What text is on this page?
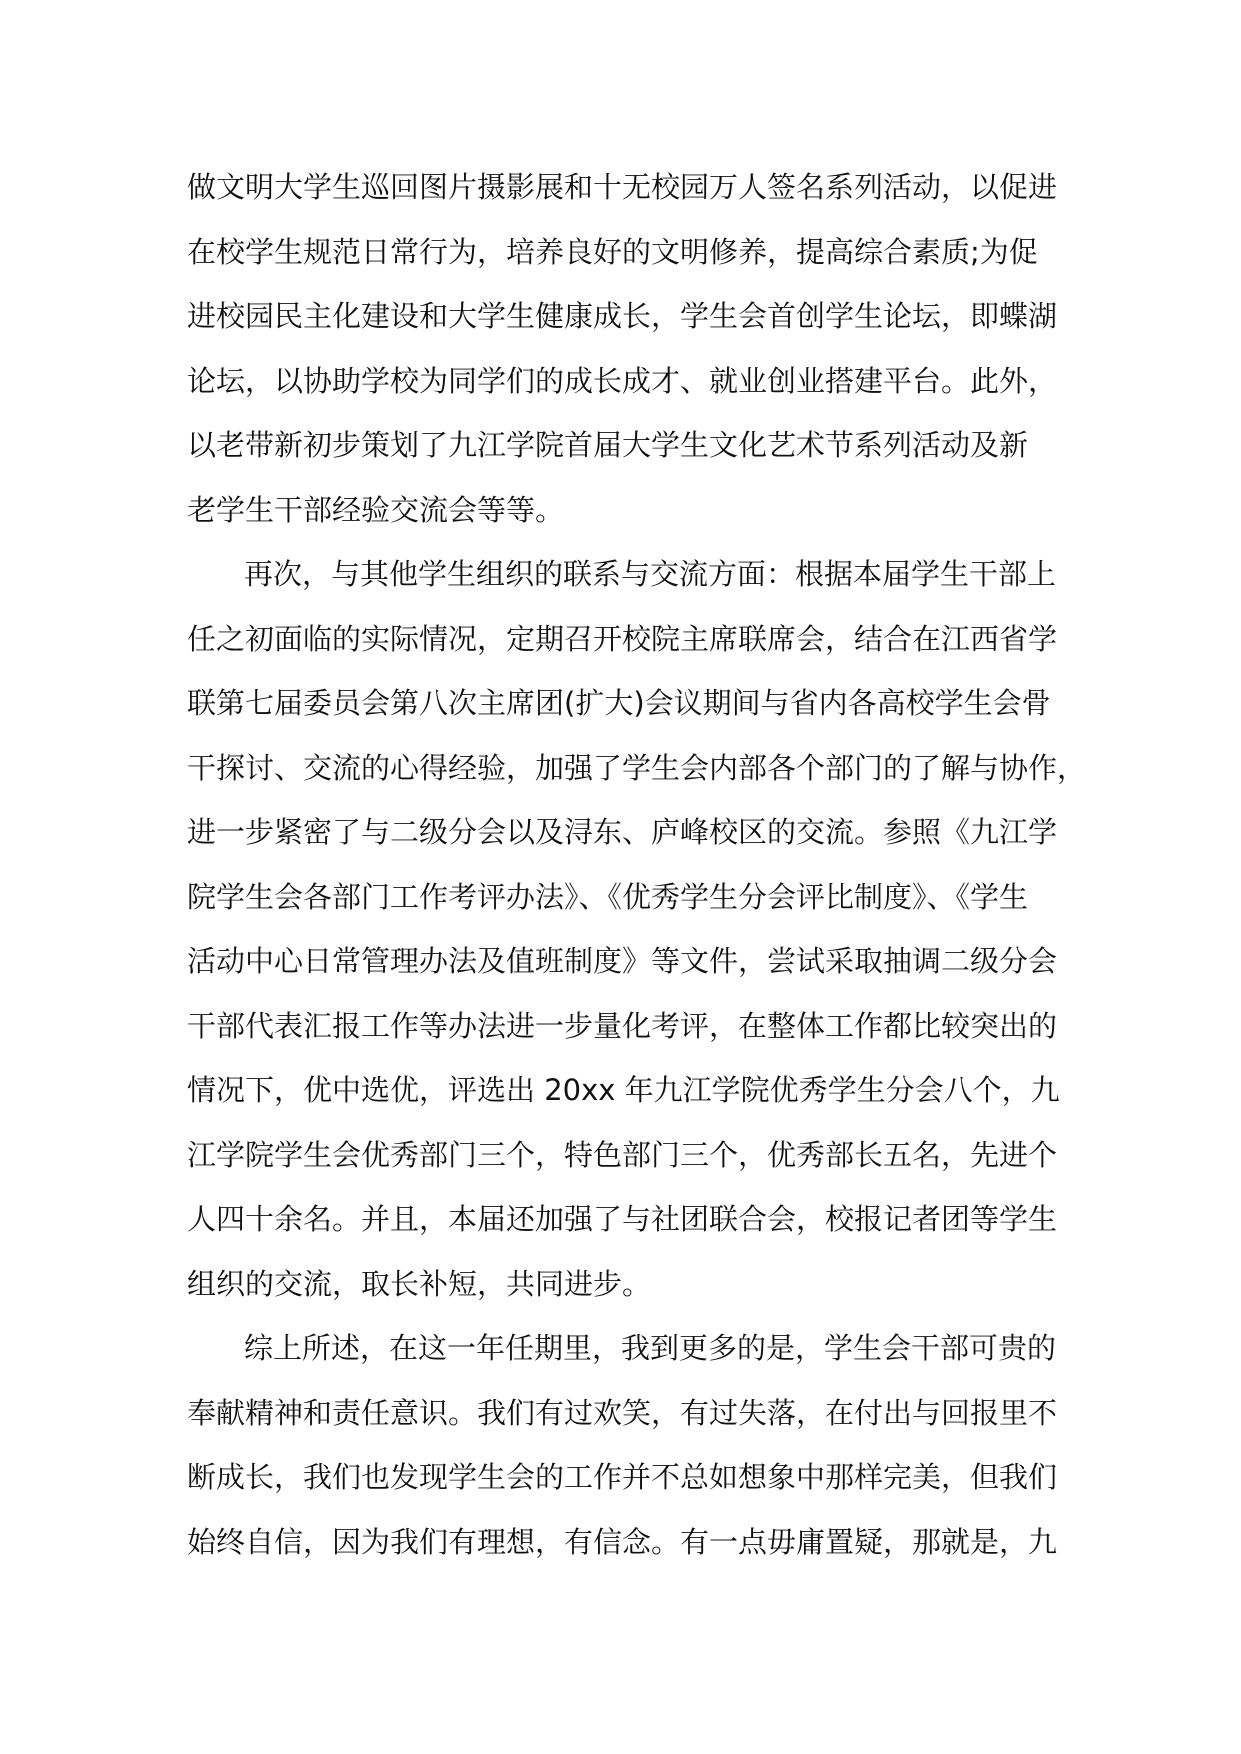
做文明大学生巡回图片摄影展和十无校园万人签名系列活动，以促进
在校学生规范日常行为，培养良好的文明修养，提高综合素质;为促
进校园民主化建设和大学生健康成长，学生会首创学生论坛，即蝶湖
论坛，以协助学校为同学们的成长成才、就业创业搭建平台。此外，
以老带新初步策划了九江学院首届大学生文化艺术节系列活动及新
老学生干部经验交流会等等。
再次，与其他学生组织的联系与交流方面：根据本届学生干部上
任之初面临的实际情况，定期召开校院主席联席会，结合在江西省学
联第七届委员会第八次主席团(扩大)会议期间与省内各高校学生会骨
干探讨、交流的心得经验，加强了学生会内部各个部门的了解与协作，
进一步紧密了与二级分会以及浔东、庐峰校区的交流。参照《九江学
院学生会各部门工作考评办法》、《优秀学生分会评比制度》、《学生
活动中心日常管理办法及值班制度》等文件，尝试采取抽调二级分会
干部代表汇报工作等办法进一步量化考评，在整体工作都比较突出的
情况下，优中选优，评选出 20xx 年九江学院优秀学生分会八个，九
江学院学生会优秀部门三个，特色部门三个，优秀部长五名，先进个
人四十余名。并且，本届还加强了与社团联合会，校报记者团等学生
组织的交流，取长补短，共同进步。
综上所述，在这一年任期里，我到更多的是，学生会干部可贵的
奉献精神和责任意识。我们有过欢笑，有过失落，在付出与回报里不
断成长，我们也发现学生会的工作并不总如想象中那样完美，但我们
始终自信，因为我们有理想，有信念。有一点毋庸置疑，那就是，九
